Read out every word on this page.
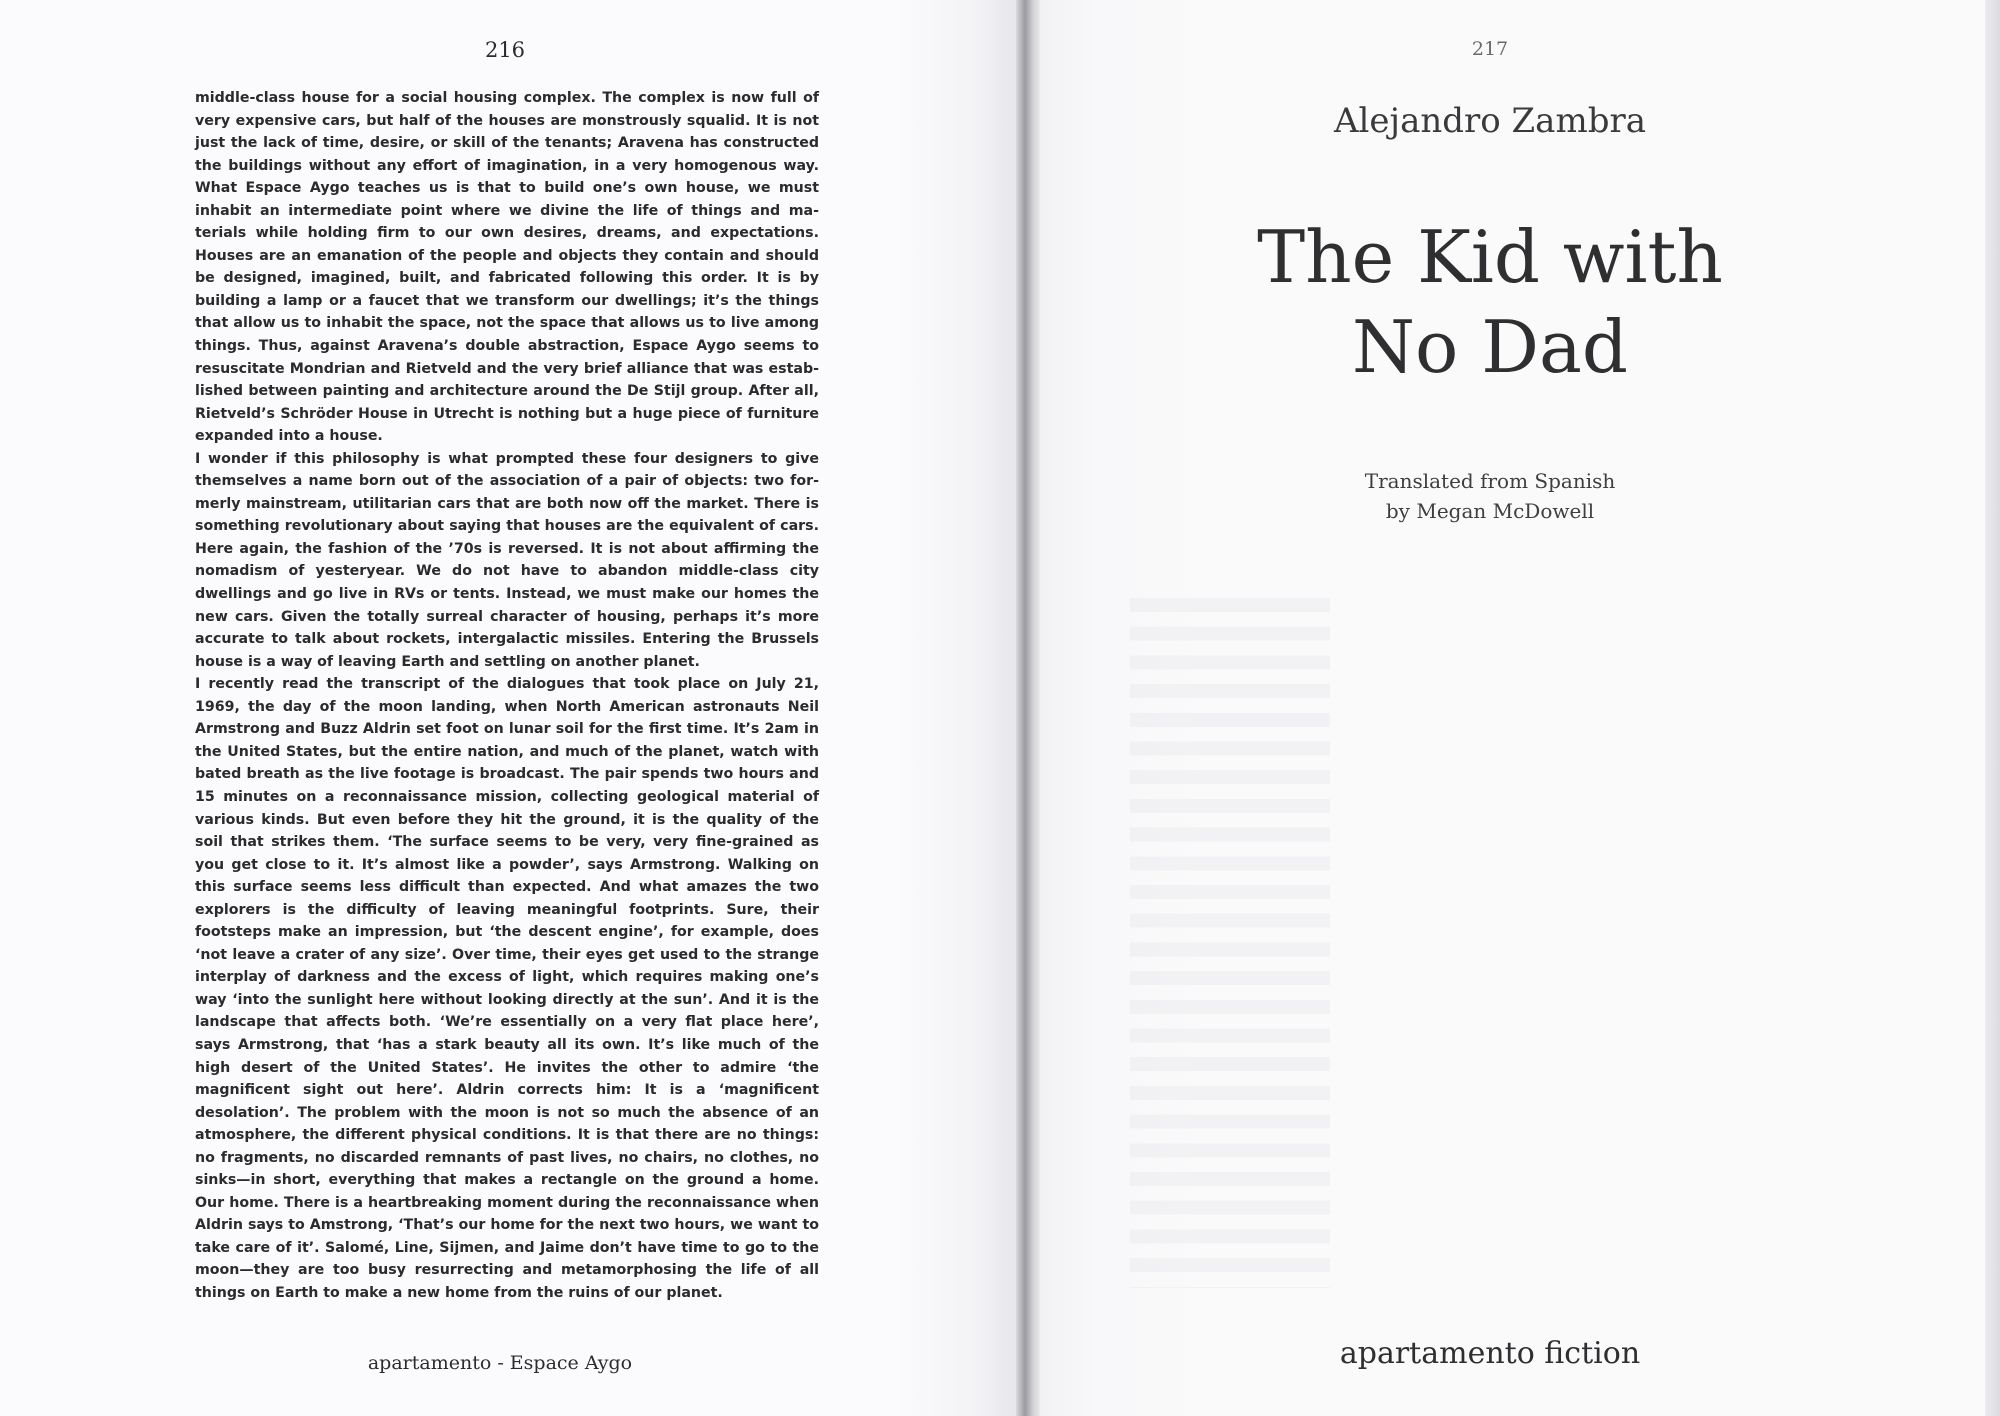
216

middle-class house for a social housing complex. The complex is now full of very expensive cars, but half of the houses are monstrously squalid. It is not just the lack of time, desire, or skill of the tenants; Aravena has constructed the buildings without any effort of imagination, in a very homogenous way. What Espace Aygo teaches us is that to build one’s own house, we must inhabit an intermediate point where we divine the life of things and materials while holding firm to our own desires, dreams, and expectations. Houses are an emanation of the people and objects they contain and should be designed, imagined, built, and fabricated following this order. It is by building a lamp or a faucet that we transform our dwellings; it’s the things that allow us to inhabit the space, not the space that allows us to live among things. Thus, against Aravena’s double abstraction, Espace Aygo seems to resuscitate Mondrian and Rietveld and the very brief alliance that was established between painting and architecture around the De Stijl group. After all, Rietveld’s Schröder House in Utrecht is nothing but a huge piece of furniture expanded into a house.

I wonder if this philosophy is what prompted these four designers to give themselves a name born out of the association of a pair of objects: two formerly mainstream, utilitarian cars that are both now off the market. There is something revolutionary about saying that houses are the equivalent of cars. Here again, the fashion of the ’70s is reversed. It is not about affirming the nomadism of yesteryear. We do not have to abandon middle-class city dwellings and go live in RVs or tents. Instead, we must make our homes the new cars. Given the totally surreal character of housing, perhaps it’s more accurate to talk about rockets, intergalactic missiles. Entering the Brussels house is a way of leaving Earth and settling on another planet.

I recently read the transcript of the dialogues that took place on July 21, 1969, the day of the moon landing, when North American astronauts Neil Armstrong and Buzz Aldrin set foot on lunar soil for the first time. It’s 2am in the United States, but the entire nation, and much of the planet, watch with bated breath as the live footage is broadcast. The pair spends two hours and 15 minutes on a reconnaissance mission, collecting geological material of various kinds. But even before they hit the ground, it is the quality of the soil that strikes them. ‘The surface seems to be very, very fine-grained as you get close to it. It’s almost like a powder’, says Armstrong. Walking on this surface seems less difficult than expected. And what amazes the two explorers is the difficulty of leaving meaningful footprints. Sure, their footsteps make an impression, but ‘the descent engine’, for example, does ‘not leave a crater of any size’. Over time, their eyes get used to the strange interplay of darkness and the excess of light, which requires making one’s way ‘into the sunlight here without looking directly at the sun’. And it is the landscape that affects both. ‘We’re essentially on a very flat place here’, says Armstrong, that ‘has a stark beauty all its own. It’s like much of the high desert of the United States’. He invites the other to admire ‘the magnificent sight out here’. Aldrin corrects him: It is a ‘magnificent desolation’. The problem with the moon is not so much the absence of an atmosphere, the different physical conditions. It is that there are no things: no fragments, no discarded remnants of past lives, no chairs, no clothes, no sinks—in short, everything that makes a rectangle on the ground a home. Our home. There is a heartbreaking moment during the reconnaissance when Aldrin says to Amstrong, ‘That’s our home for the next two hours, we want to take care of it’. Salomé, Line, Sijmen, and Jaime don’t have time to go to the moon—they are too busy resurrecting and metamorphosing the life of all things on Earth to make a new home from the ruins of our planet.

apartamento - Espace Aygo
217
Alejandro Zambra
The Kid with
No Dad
Translated from Spanish
by Megan McDowell
apartamento fiction
